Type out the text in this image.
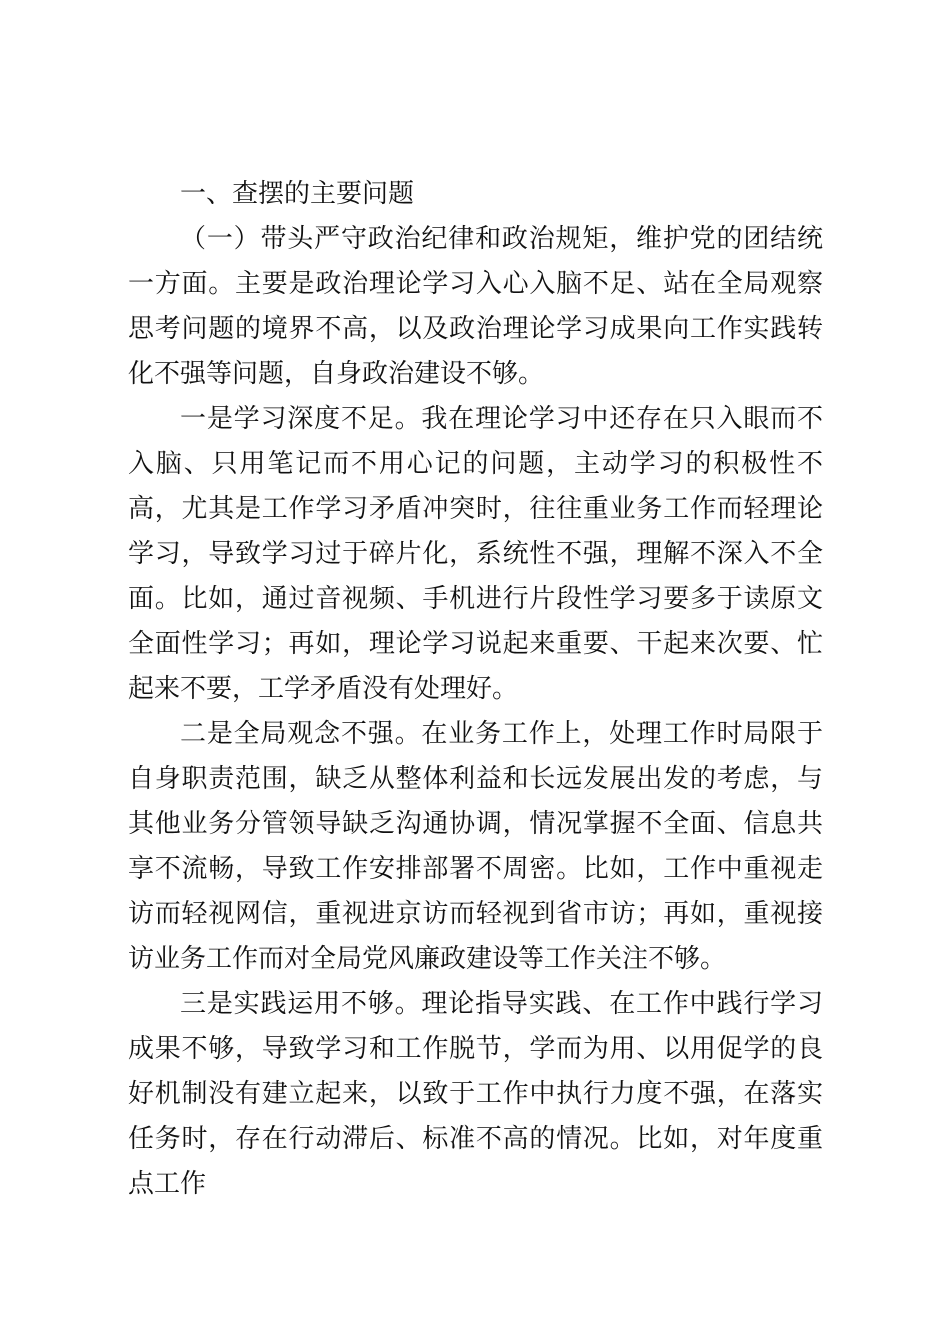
一、查摆的主要问题

（一）带头严守政治纪律和政治规矩，维护党的团结统一方面。主要是政治理论学习入心入脑不足、站在全局观察思考问题的境界不高，以及政治理论学习成果向工作实践转化不强等问题，自身政治建设不够。

一是学习深度不足。我在理论学习中还存在只入眼而不入脑、只用笔记而不用心记的问题，主动学习的积极性不高，尤其是工作学习矛盾冲突时，往往重业务工作而轻理论学习，导致学习过于碎片化，系统性不强，理解不深入不全面。比如，通过音视频、手机进行片段性学习要多于读原文全面性学习；再如，理论学习说起来重要、干起来次要、忙起来不要，工学矛盾没有处理好。

二是全局观念不强。在业务工作上，处理工作时局限于自身职责范围，缺乏从整体利益和长远发展出发的考虑，与其他业务分管领导缺乏沟通协调，情况掌握不全面、信息共享不流畅，导致工作安排部署不周密。比如，工作中重视走访而轻视网信，重视进京访而轻视到省市访；再如，重视接访业务工作而对全局党风廉政建设等工作关注不够。

三是实践运用不够。理论指导实践、在工作中践行学习成果不够，导致学习和工作脱节，学而为用、以用促学的良好机制没有建立起来，以致于工作中执行力度不强，在落实任务时，存在行动滞后、标准不高的情况。比如，对年度重点工作
